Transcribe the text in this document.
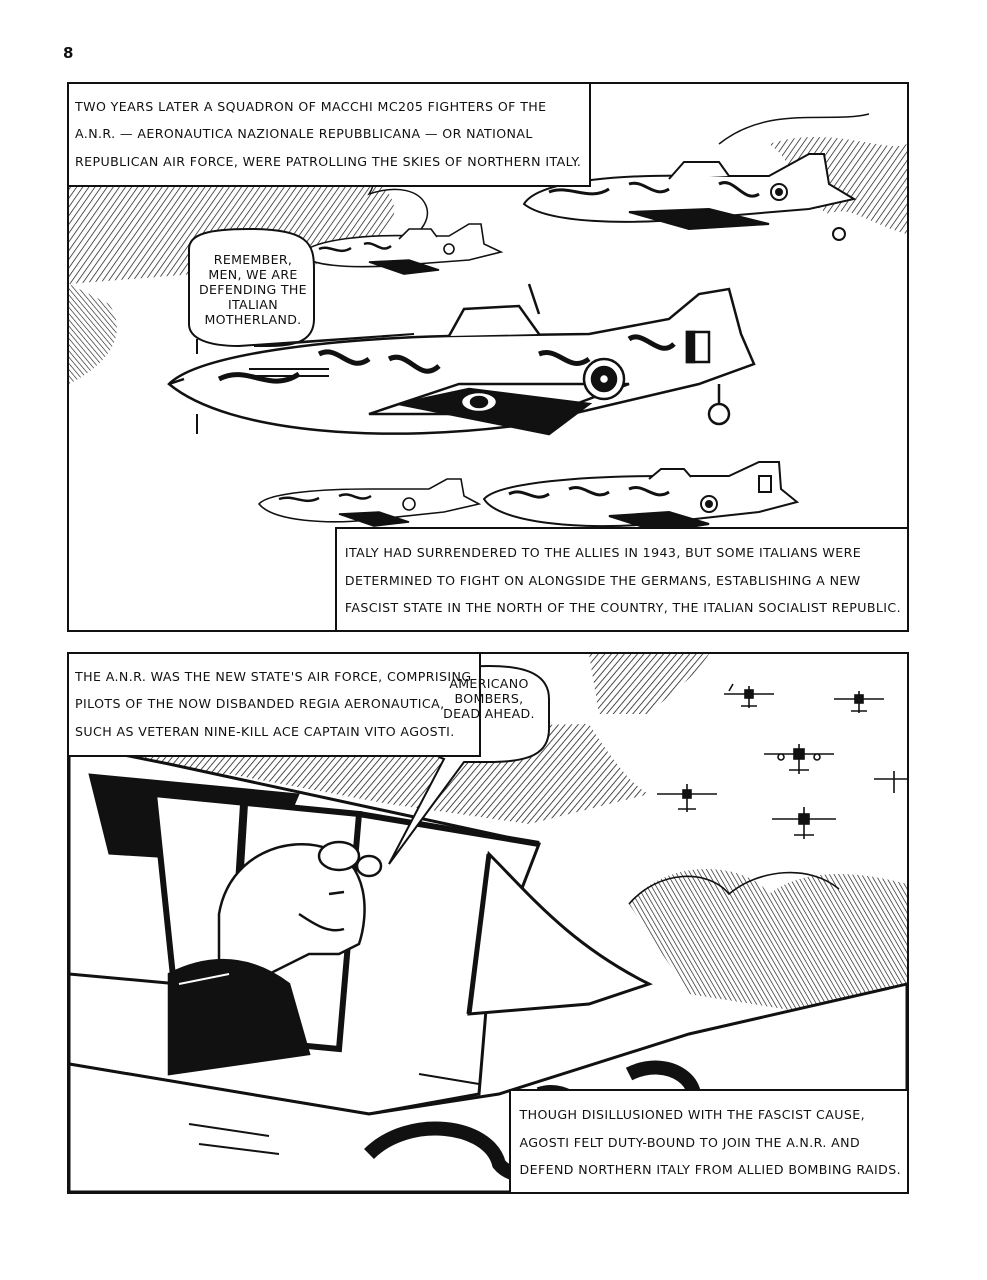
8

TWO YEARS LATER A SQUADRON OF MACCHI MC205 FIGHTERS OF THE

A.N.R. — AERONAUTICA NAZIONALE REPUBBLICANA — OR NATIONAL

REPUBLICAN AIR FORCE, WERE PATROLLING THE SKIES OF NORTHERN ITALY.

REMEMBER,
MEN, WE ARE
DEFENDING THE
ITALIAN
MOTHERLAND.

ITALY HAD SURRENDERED TO THE ALLIES IN 1943, BUT SOME ITALIANS WERE

DETERMINED TO FIGHT ON ALONGSIDE THE GERMANS, ESTABLISHING A NEW

FASCIST STATE IN THE NORTH OF THE COUNTRY, THE ITALIAN SOCIALIST REPUBLIC.

THE A.N.R. WAS THE NEW STATE'S AIR FORCE, COMPRISING

PILOTS OF THE NOW DISBANDED REGIA AERONAUTICA,

SUCH AS VETERAN NINE-KILL ACE CAPTAIN VITO AGOSTI.

AMERICANO
BOMBERS,
DEAD AHEAD.

THOUGH DISILLUSIONED WITH THE FASCIST CAUSE,

AGOSTI FELT DUTY-BOUND TO JOIN THE A.N.R. AND

DEFEND NORTHERN ITALY FROM ALLIED BOMBING RAIDS.
